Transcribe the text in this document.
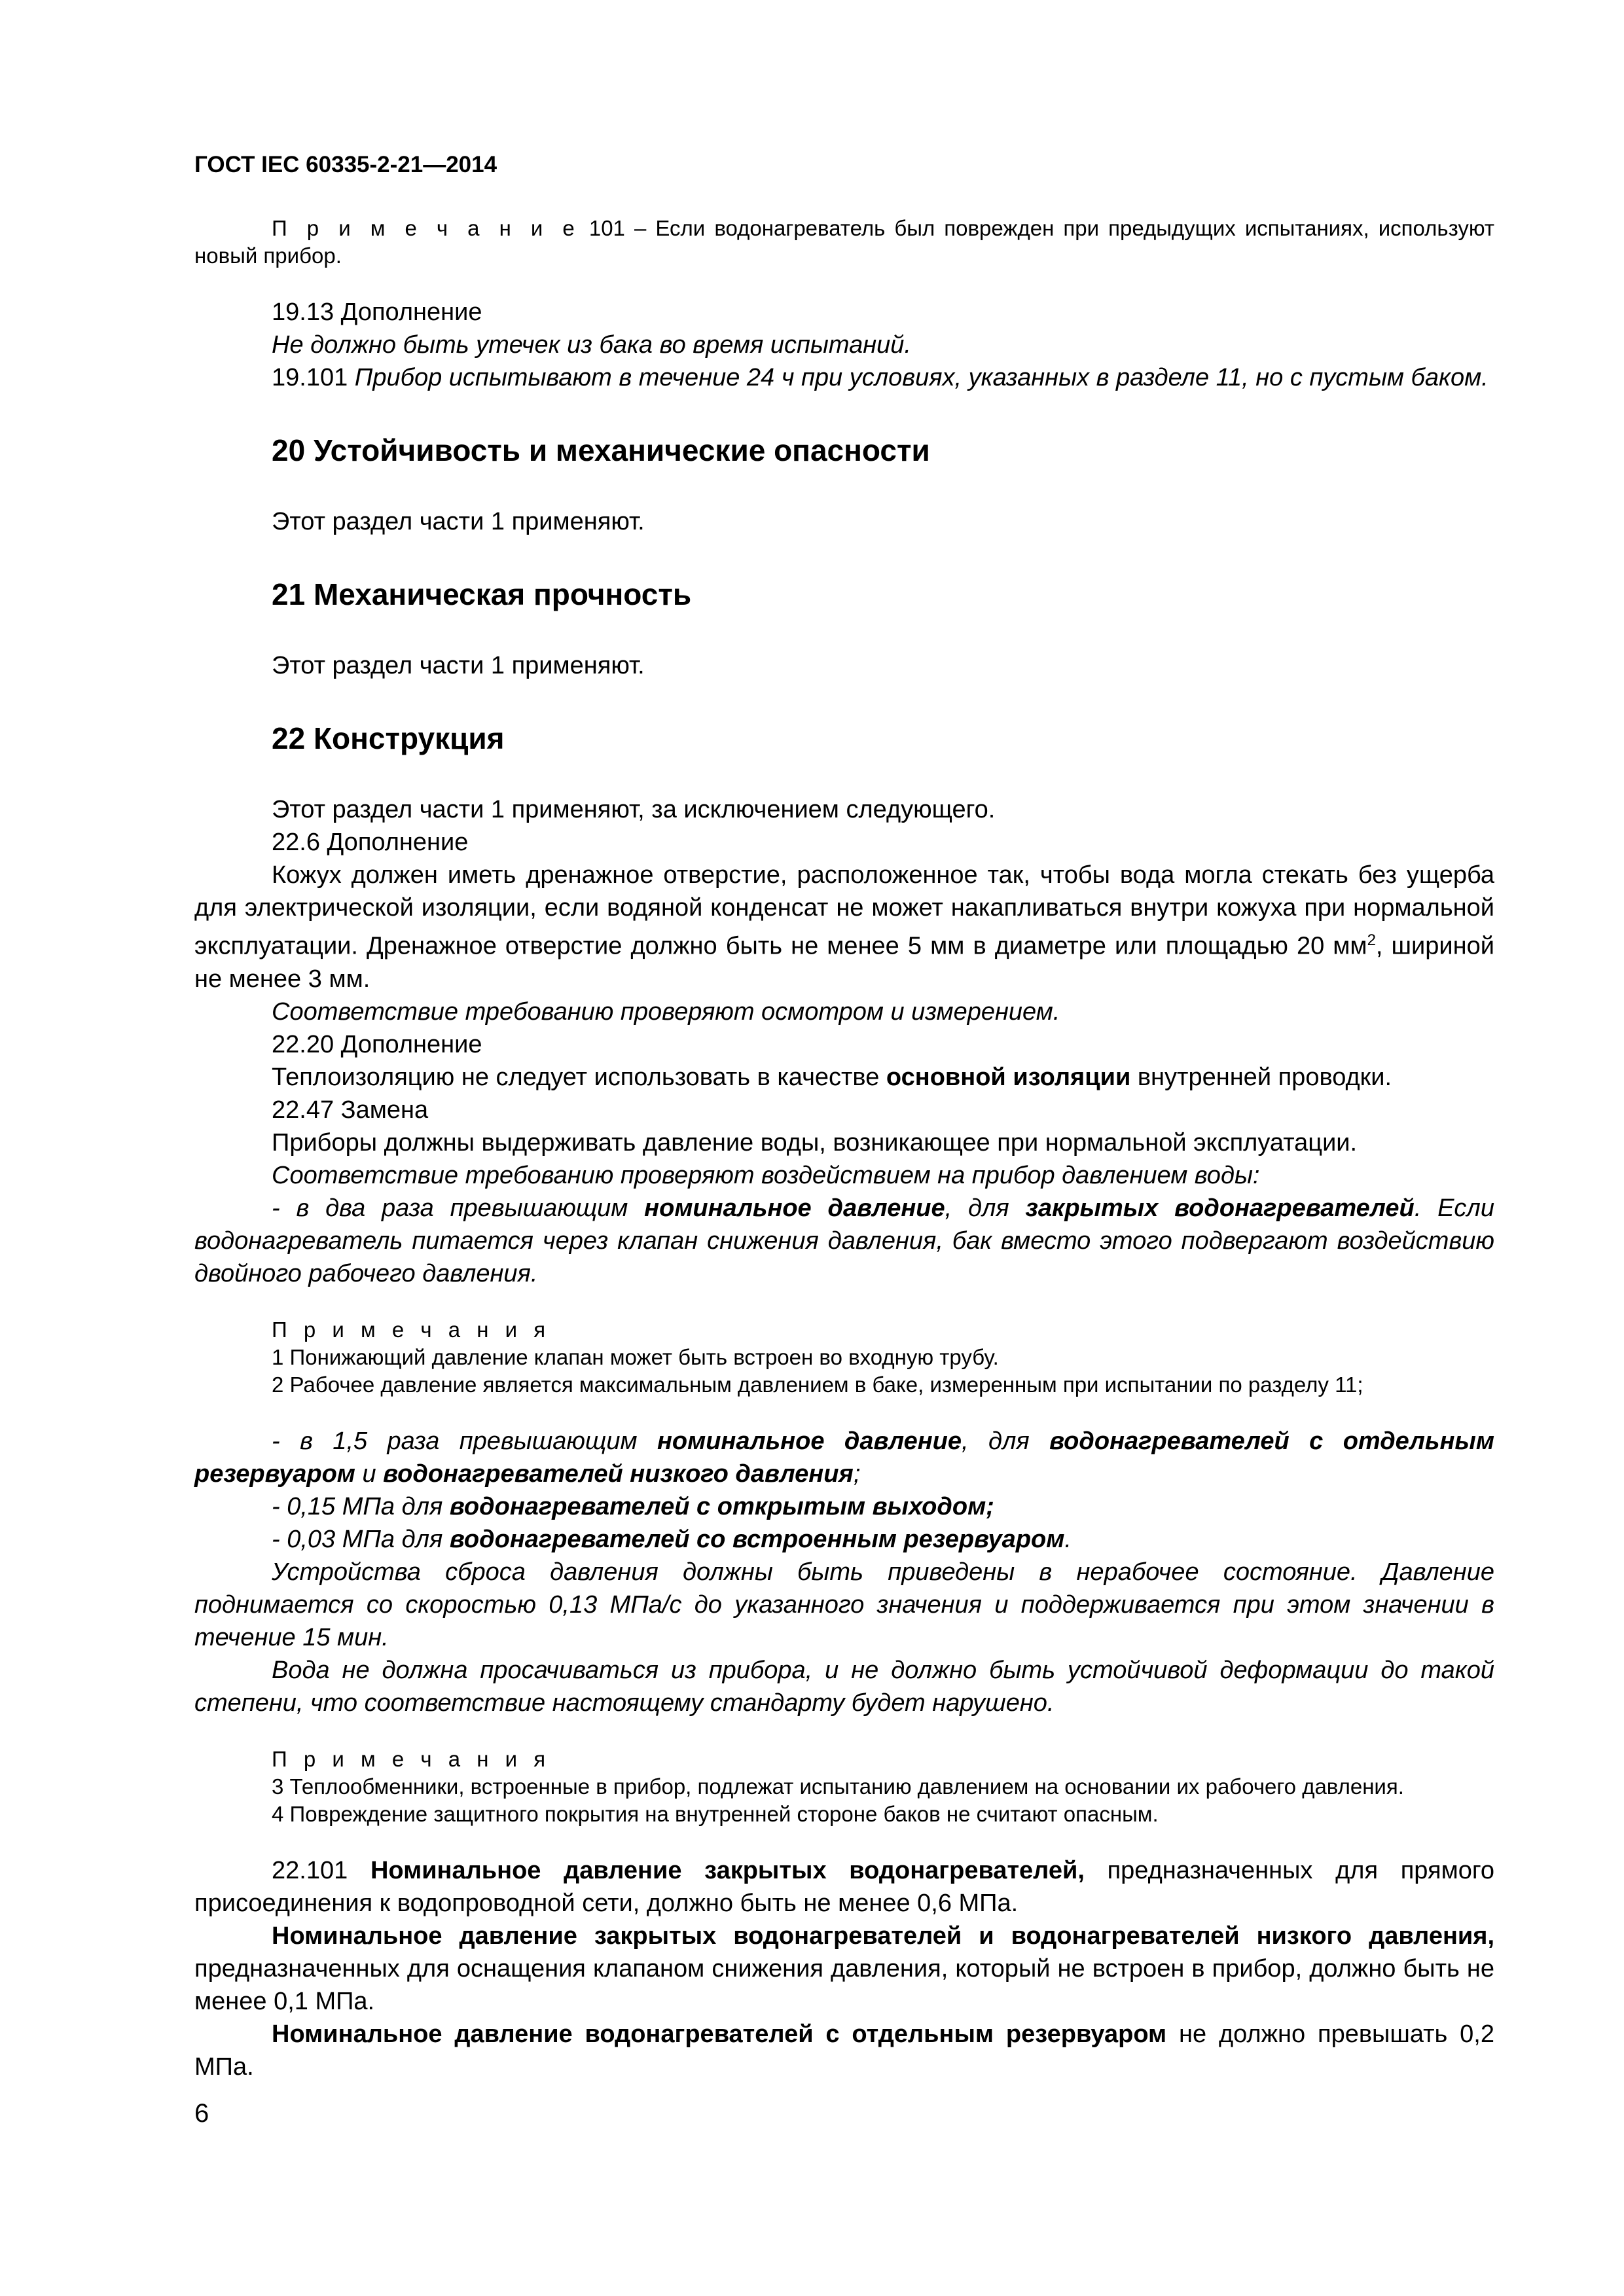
ГОСТ IEC 60335-2-21—2014

П р и м е ч а н и е 101 – Если водонагреватель был поврежден при предыдущих испытаниях, используют новый прибор.

19.13 Дополнение

Не должно быть утечек из бака во время испытаний.

19.101 Прибор испытывают в течение 24 ч при условиях, указанных в разделе 11, но с пустым баком.

20 Устойчивость и механические опасности

Этот раздел части 1 применяют.

21 Механическая прочность

Этот раздел части 1 применяют.

22 Конструкция

Этот раздел части 1 применяют, за исключением следующего.

22.6 Дополнение

Кожух должен иметь дренажное отверстие, расположенное так, чтобы вода могла стекать без ущерба для электрической изоляции, если водяной конденсат не может накапливаться внутри кожуха при нормальной эксплуатации. Дренажное отверстие должно быть не менее 5 мм в диаметре или площадью 20 $мм^2$, шириной не менее 3 мм.

Соответствие требованию проверяют осмотром и измерением.

22.20 Дополнение

Теплоизоляцию не следует использовать в качестве основной изоляции внутренней проводки.

22.47 Замена

Приборы должны выдерживать давление воды, возникающее при нормальной эксплуатации.

Соответствие требованию проверяют воздействием на прибор давлением воды:

- в два раза превышающим номинальное давление, для закрытых водонагревателей. Если водонагреватель питается через клапан снижения давления, бак вместо этого подвергают воздействию двойного рабочего давления.

П р и м е ч а н и я

1 Понижающий давление клапан может быть встроен во входную трубу.

2 Рабочее давление является максимальным давлением в баке, измеренным при испытании по разделу 11;

- в 1,5 раза превышающим номинальное давление, для водонагревателей с отдельным резервуаром и водонагревателей низкого давления;

- 0,15 МПа для водонагревателей с открытым выходом;

- 0,03 МПа для водонагревателей со встроенным резервуаром.

Устройства сброса давления должны быть приведены в нерабочее состояние. Давление поднимается со скоростью 0,13 МПа/с до указанного значения и поддерживается при этом значении в течение 15 мин.

Вода не должна просачиваться из прибора, и не должно быть устойчивой деформации до такой степени, что соответствие настоящему стандарту будет нарушено.

П р и м е ч а н и я

3 Теплообменники, встроенные в прибор, подлежат испытанию давлением на основании их рабочего давления.

4 Повреждение защитного покрытия на внутренней стороне баков не считают опасным.

22.101 Номинальное давление закрытых водонагревателей, предназначенных для прямого присоединения к водопроводной сети, должно быть не менее 0,6 МПа.

Номинальное давление закрытых водонагревателей и водонагревателей низкого давления, предназначенных для оснащения клапаном снижения давления, который не встроен в прибор, должно быть не менее 0,1 МПа.

Номинальное давление водонагревателей с отдельным резервуаром не должно превышать 0,2 МПа.

6
